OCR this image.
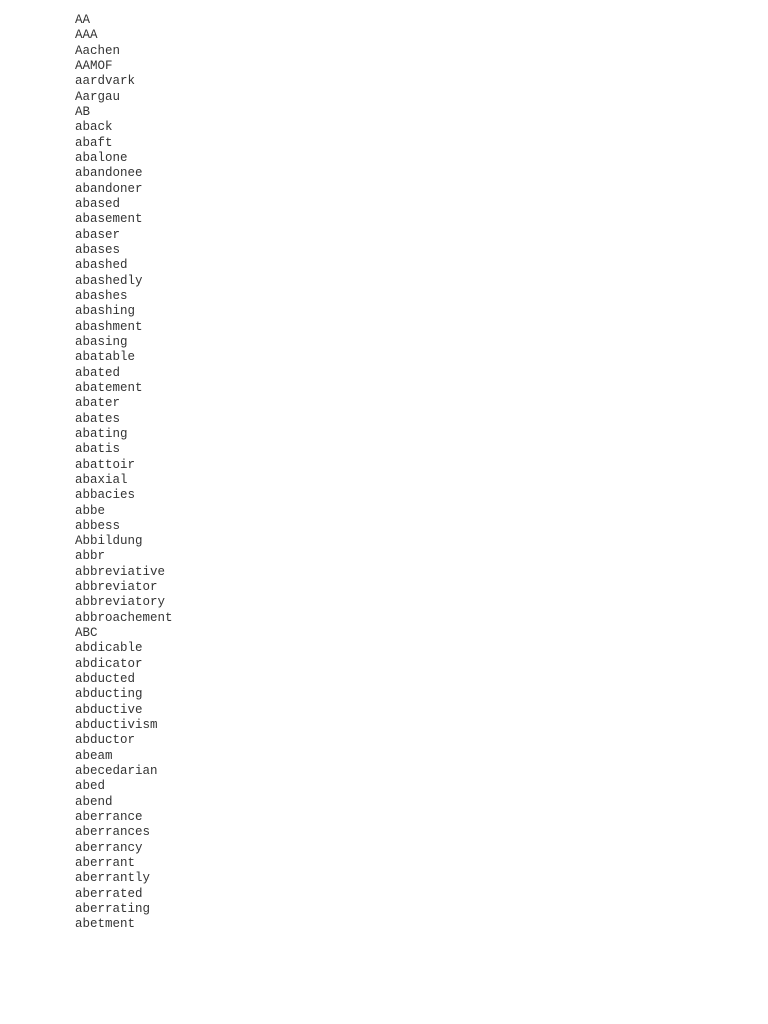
AA
AAA
Aachen
AAMOF
aardvark
Aargau
AB
aback
abaft
abalone
abandonee
abandoner
abased
abasement
abaser
abases
abashed
abashedly
abashes
abashing
abashment
abasing
abatable
abated
abatement
abater
abates
abating
abatis
abattoir
abaxial
abbacies
abbe
abbess
Abbildung
abbr
abbreviative
abbreviator
abbreviatory
abbroachement
ABC
abdicable
abdicator
abducted
abducting
abductive
abductivism
abductor
abeam
abecedarian
abed
abend
aberrance
aberrances
aberrancy
aberrant
aberrantly
aberrated
aberrating
abetment
